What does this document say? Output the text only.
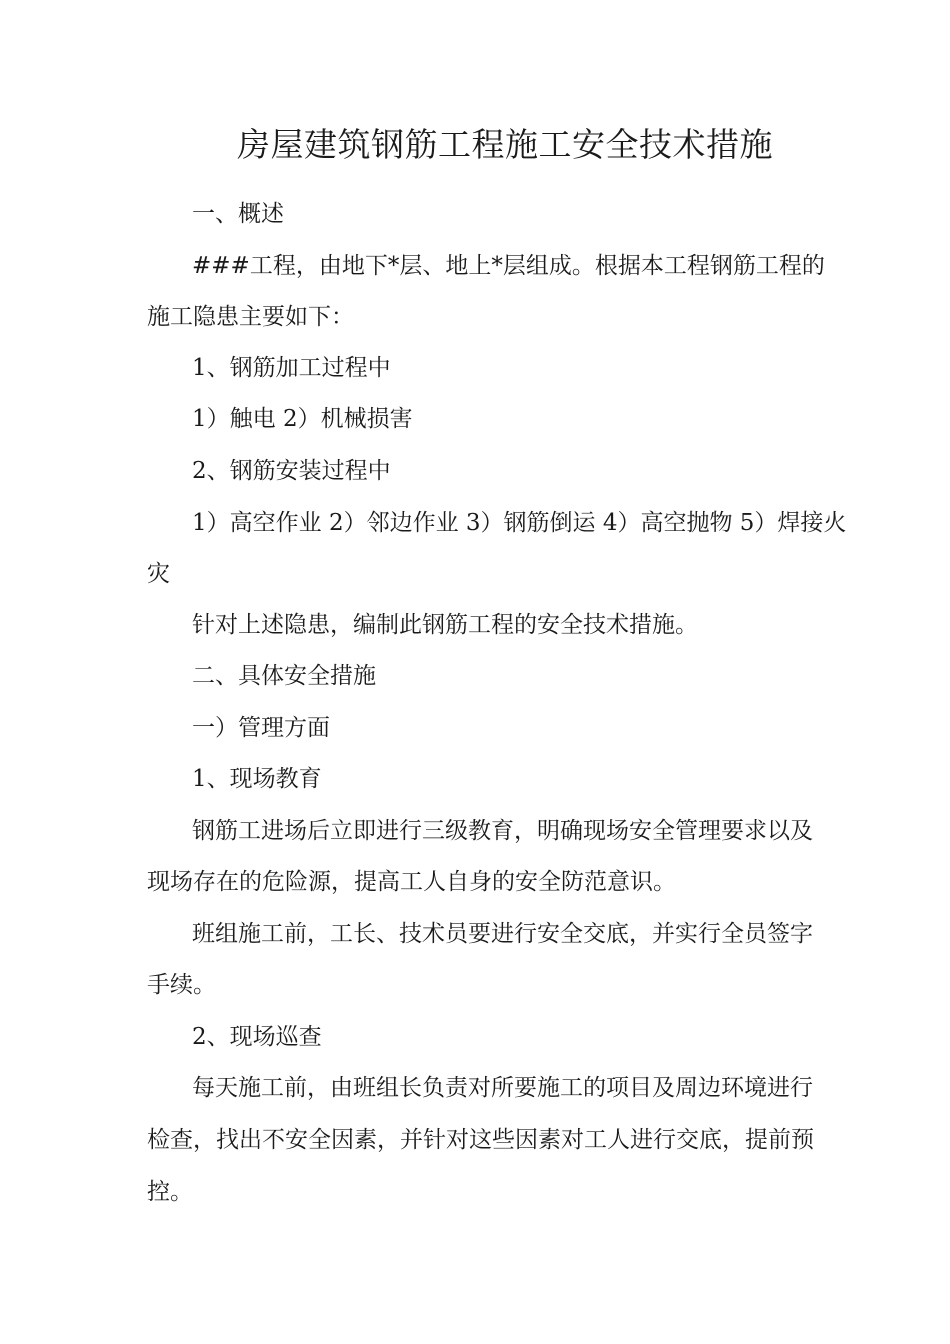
房屋建筑钢筋工程施工安全技术措施

一、概述

###工程，由地下*层、地上*层组成。根据本工程钢筋工程的

施工隐患主要如下：

1、钢筋加工过程中

1）触电 2）机械损害

2、钢筋安装过程中

1）高空作业 2）邻边作业 3）钢筋倒运 4）高空抛物 5）焊接火

灾

针对上述隐患，编制此钢筋工程的安全技术措施。

二、具体安全措施

一）管理方面

1、现场教育

钢筋工进场后立即进行三级教育，明确现场安全管理要求以及

现场存在的危险源，提高工人自身的安全防范意识。

班组施工前，工长、技术员要进行安全交底，并实行全员签字

手续。

2、现场巡查

每天施工前，由班组长负责对所要施工的项目及周边环境进行

检查，找出不安全因素，并针对这些因素对工人进行交底，提前预

控。
